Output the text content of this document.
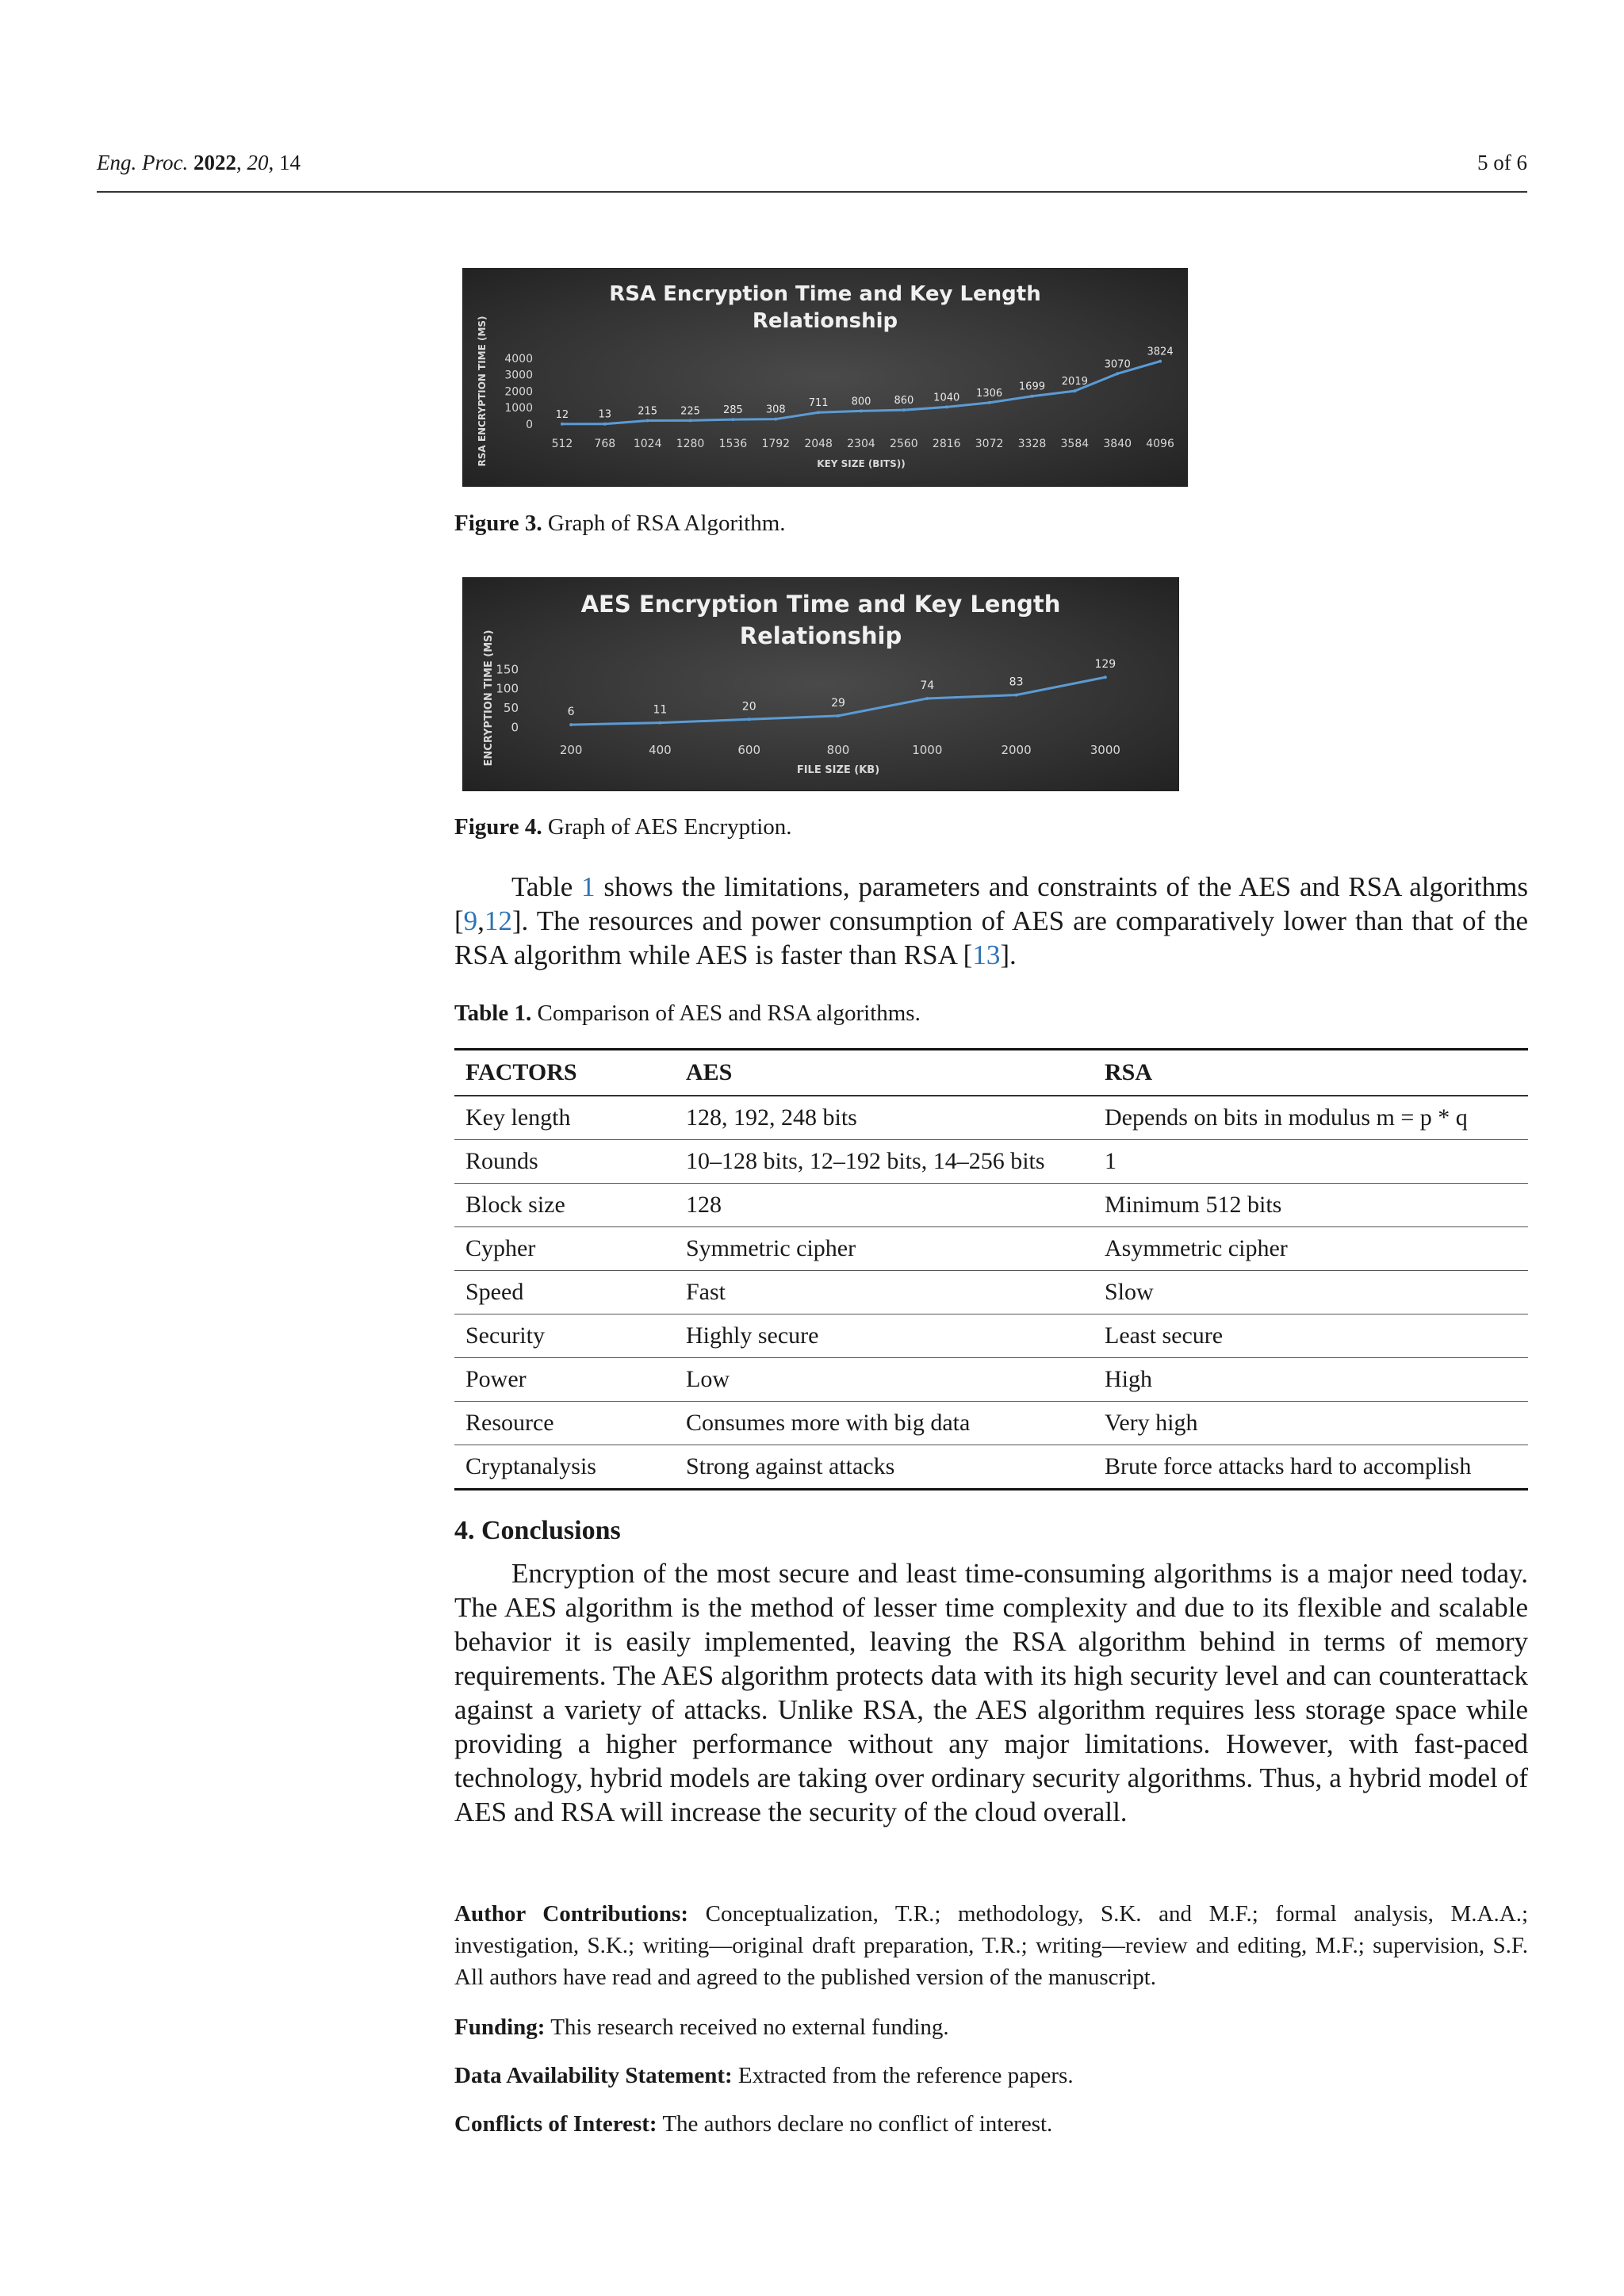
Eng. Proc. 2022, 20, 14	5 of 6
RSA Encryption Time and Key Length
Relationship
RSA ENCRYPTION TIME (MS)	KEY SIZE (BITS))
0
1000
2000
3000
4000
512 768 1024 1280 1536 1792 2048 2304 2560 2816 3072 3328 3584 3840 4096
12	13	215 225 285 308
711 800 860 1040 1306
1699 2019
3070
3824
Figure 3. Graph of RSA Algorithm.
AES Encryption Time and Key Length
Relationship
ENCRYPTION TIME (MS)
FILE SIZE (KB)
0
50
100
150
200	400	600	800	1000	2000	3000
6	11	20	29
74	83
129
Figure 4. Graph of AES Encryption.
Table 1 shows the limitations, parameters and constraints of the AES and RSA algorithms [9,12]. The resources and power consumption of AES are comparatively lower than that of the RSA algorithm while AES is faster than RSA [13].
Table 1. Comparison of AES and RSA algorithms.
FACTORS	AES	RSA
Key length	128, 192, 248 bits	Depends on bits in modulus m = p * q
Rounds	10–128 bits, 12–192 bits, 14–256 bits	1
Block size	128	Minimum 512 bits
Cypher	Symmetric cipher	Asymmetric cipher
Speed	Fast	Slow
Security	Highly secure	Least secure
Power	Low	High
Resource	Consumes more with big data	Very high
Cryptanalysis	Strong against attacks	Brute force attacks hard to accomplish
4. Conclusions
Encryption of the most secure and least time-consuming algorithms is a major need today. The AES algorithm is the method of lesser time complexity and due to its flexible and scalable behavior it is easily implemented, leaving the RSA algorithm behind in terms of memory requirements. The AES algorithm protects data with its high security level and can counterattack against a variety of attacks. Unlike RSA, the AES algorithm requires less storage space while providing a higher performance without any major limitations. However, with fast-paced technology, hybrid models are taking over ordinary security algorithms. Thus, a hybrid model of AES and RSA will increase the security of the cloud overall.
Author Contributions: Conceptualization, T.R.; methodology, S.K. and M.F.; formal analysis, M.A.A.; investigation, S.K.; writing—original draft preparation, T.R.; writing—review and editing, M.F.; supervision, S.F. All authors have read and agreed to the published version of the manuscript.
Funding: This research received no external funding.
Data Availability Statement: Extracted from the reference papers.
Conflicts of Interest: The authors declare no conflict of interest.
